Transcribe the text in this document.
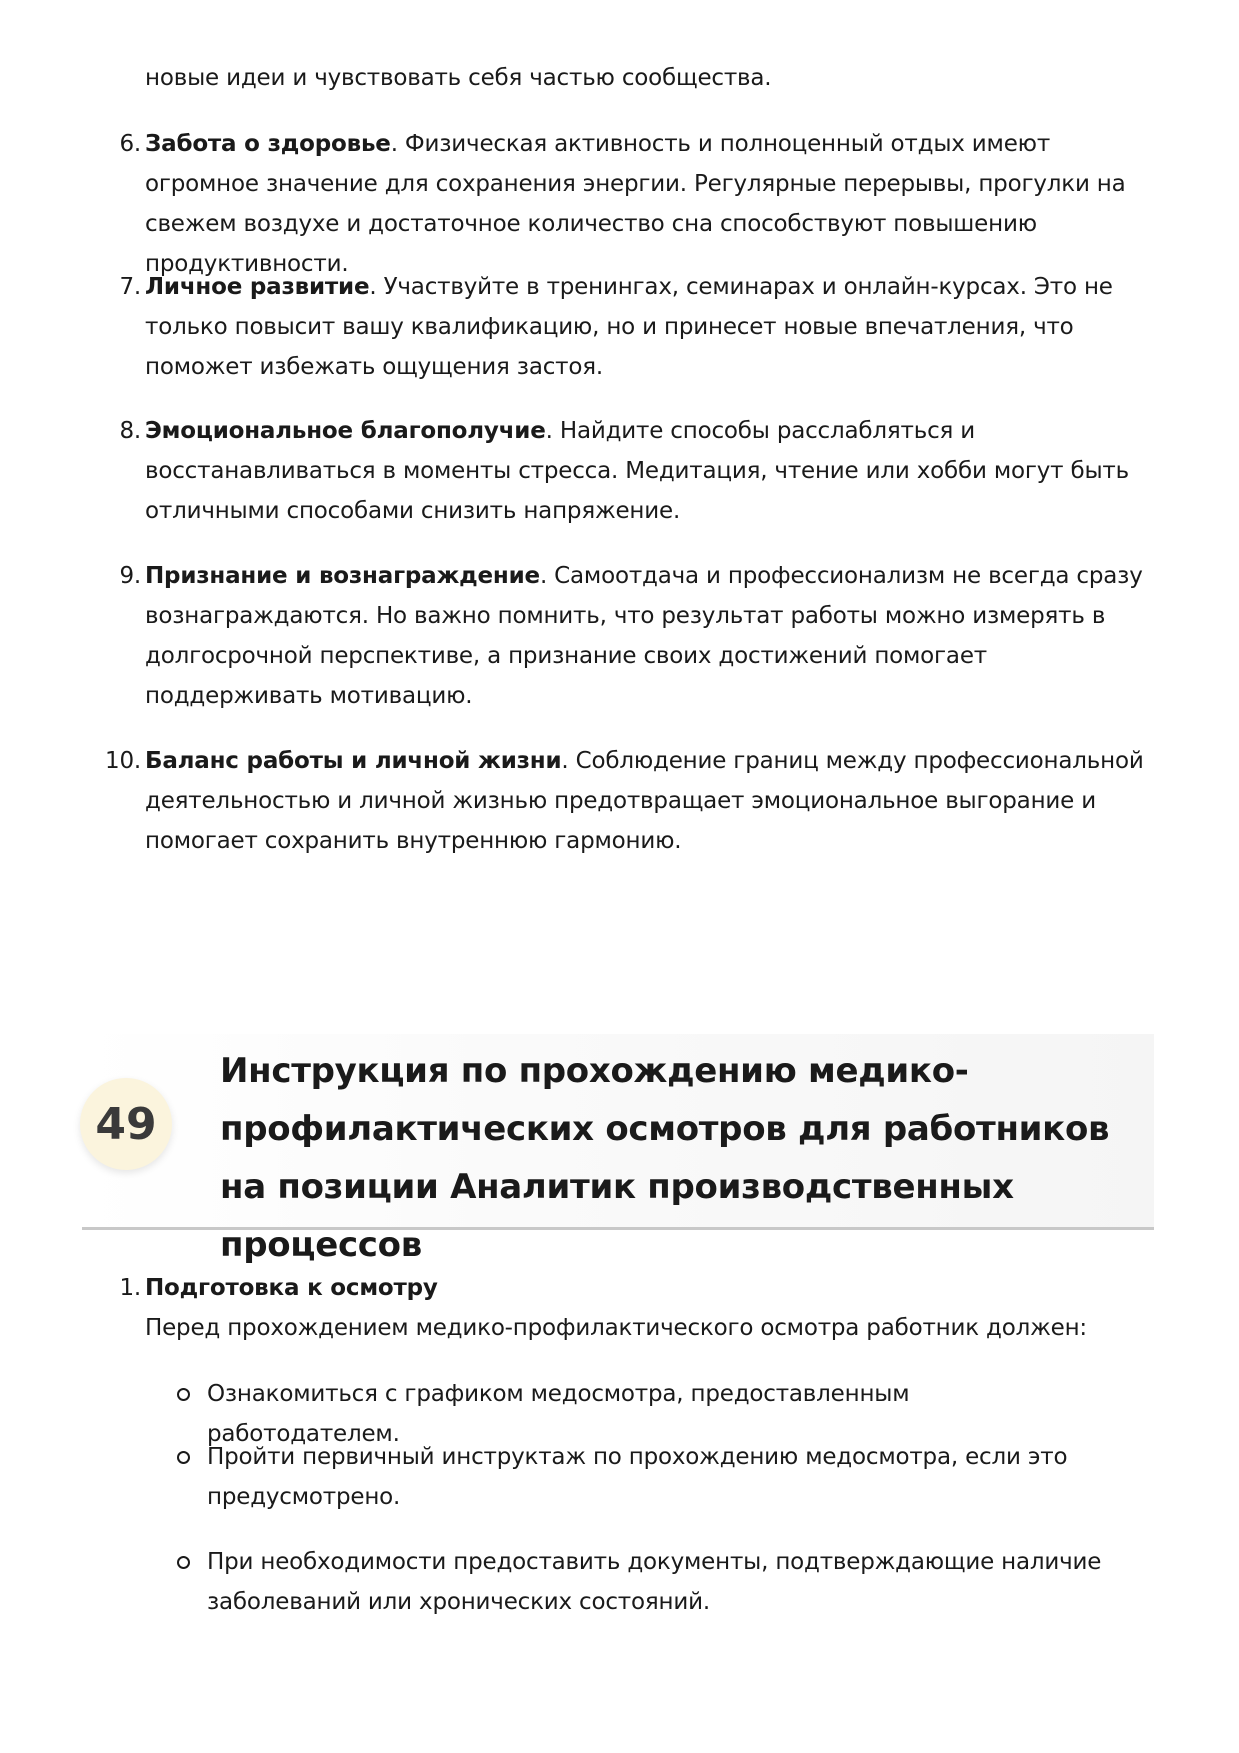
новые идеи и чувствовать себя частью сообщества.
6. Забота о здоровье. Физическая активность и полноценный отдых имеют огромное значение для сохранения энергии. Регулярные перерывы, прогулки на свежем воздухе и достаточное количество сна способствуют повышению продуктивности.
7. Личное развитие. Участвуйте в тренингах, семинарах и онлайн-курсах. Это не только повысит вашу квалификацию, но и принесет новые впечатления, что поможет избежать ощущения застоя.
8. Эмоциональное благополучие. Найдите способы расслабляться и восстанавливаться в моменты стресса. Медитация, чтение или хобби могут быть отличными способами снизить напряжение.
9. Признание и вознаграждение. Самоотдача и профессионализм не всегда сразу вознаграждаются. Но важно помнить, что результат работы можно измерять в долгосрочной перспективе, а признание своих достижений помогает поддерживать мотивацию.
10. Баланс работы и личной жизни. Соблюдение границ между профессиональной деятельностью и личной жизнью предотвращает эмоциональное выгорание и помогает сохранить внутреннюю гармонию.
49
Инструкция по прохождению медико-профилактических осмотров для работников на позиции Аналитик производственных процессов
1. Подготовка к осмотру
Перед прохождением медико-профилактического осмотра работник должен:
Ознакомиться с графиком медосмотра, предоставленным работодателем.
Пройти первичный инструктаж по прохождению медосмотра, если это предусмотрено.
При необходимости предоставить документы, подтверждающие наличие заболеваний или хронических состояний.
